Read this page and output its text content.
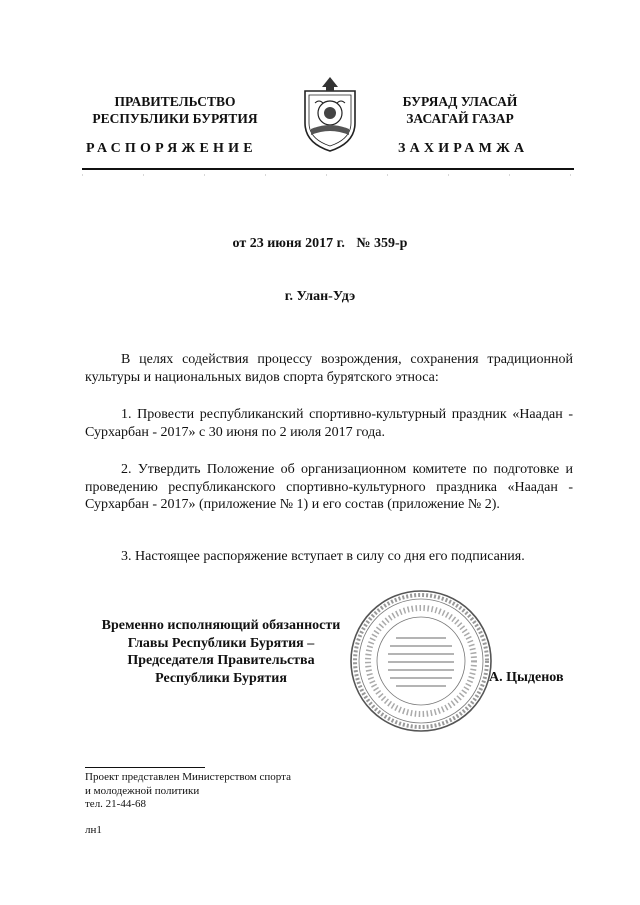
ПРАВИТЕЛЬСТВО
РЕСПУБЛИКИ БУРЯТИЯ
БУРЯАД УЛАСАЙ
ЗАСАГАЙ ГАЗАР
РАСПОРЯЖЕНИЕ	ЗАХИРАМЖА
от 23 июня 2017 г. № 359-р
г. Улан-Удэ

В целях содействия процессу возрождения, сохранения традиционной культуры и национальных видов спорта бурятского этноса:

1. Провести республиканский спортивно-культурный праздник «Наадан - Сурхарбан - 2017» с 30 июня по 2 июля 2017 года.

2. Утвердить Положение об организационном комитете по подготовке и проведению республиканского спортивно-культурного праздника «Наадан - Сурхарбан - 2017» (приложение № 1) и его состав (приложение № 2).

3. Настоящее распоряжение вступает в силу со дня его подписания.

Временно исполняющий обязанности
Главы Республики Бурятия –
Председателя Правительства
Республики Бурятия	А. Цыденов
Проект представлен Министерством спорта
и молодежной политики
тел. 21-44-68
лн1
